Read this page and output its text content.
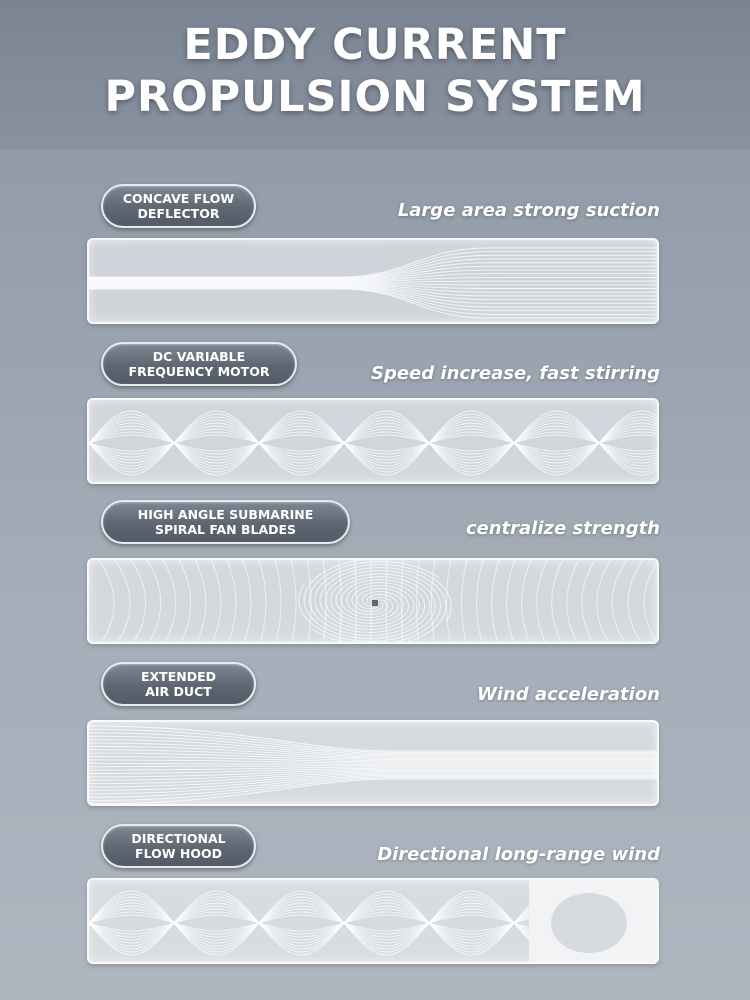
EDDY CURRENT
PROPULSION SYSTEM
CONCAVE FLOW
DEFLECTOR	Large area strong suction
DC VARIABLE
FREQUENCY MOTOR	Speed increase, fast stirring
HIGH ANGLE SUBMARINE
SPIRAL FAN BLADES	centralize strength
EXTENDED
AIR DUCT	Wind acceleration
DIRECTIONAL
FLOW HOOD	Directional long-range wind
